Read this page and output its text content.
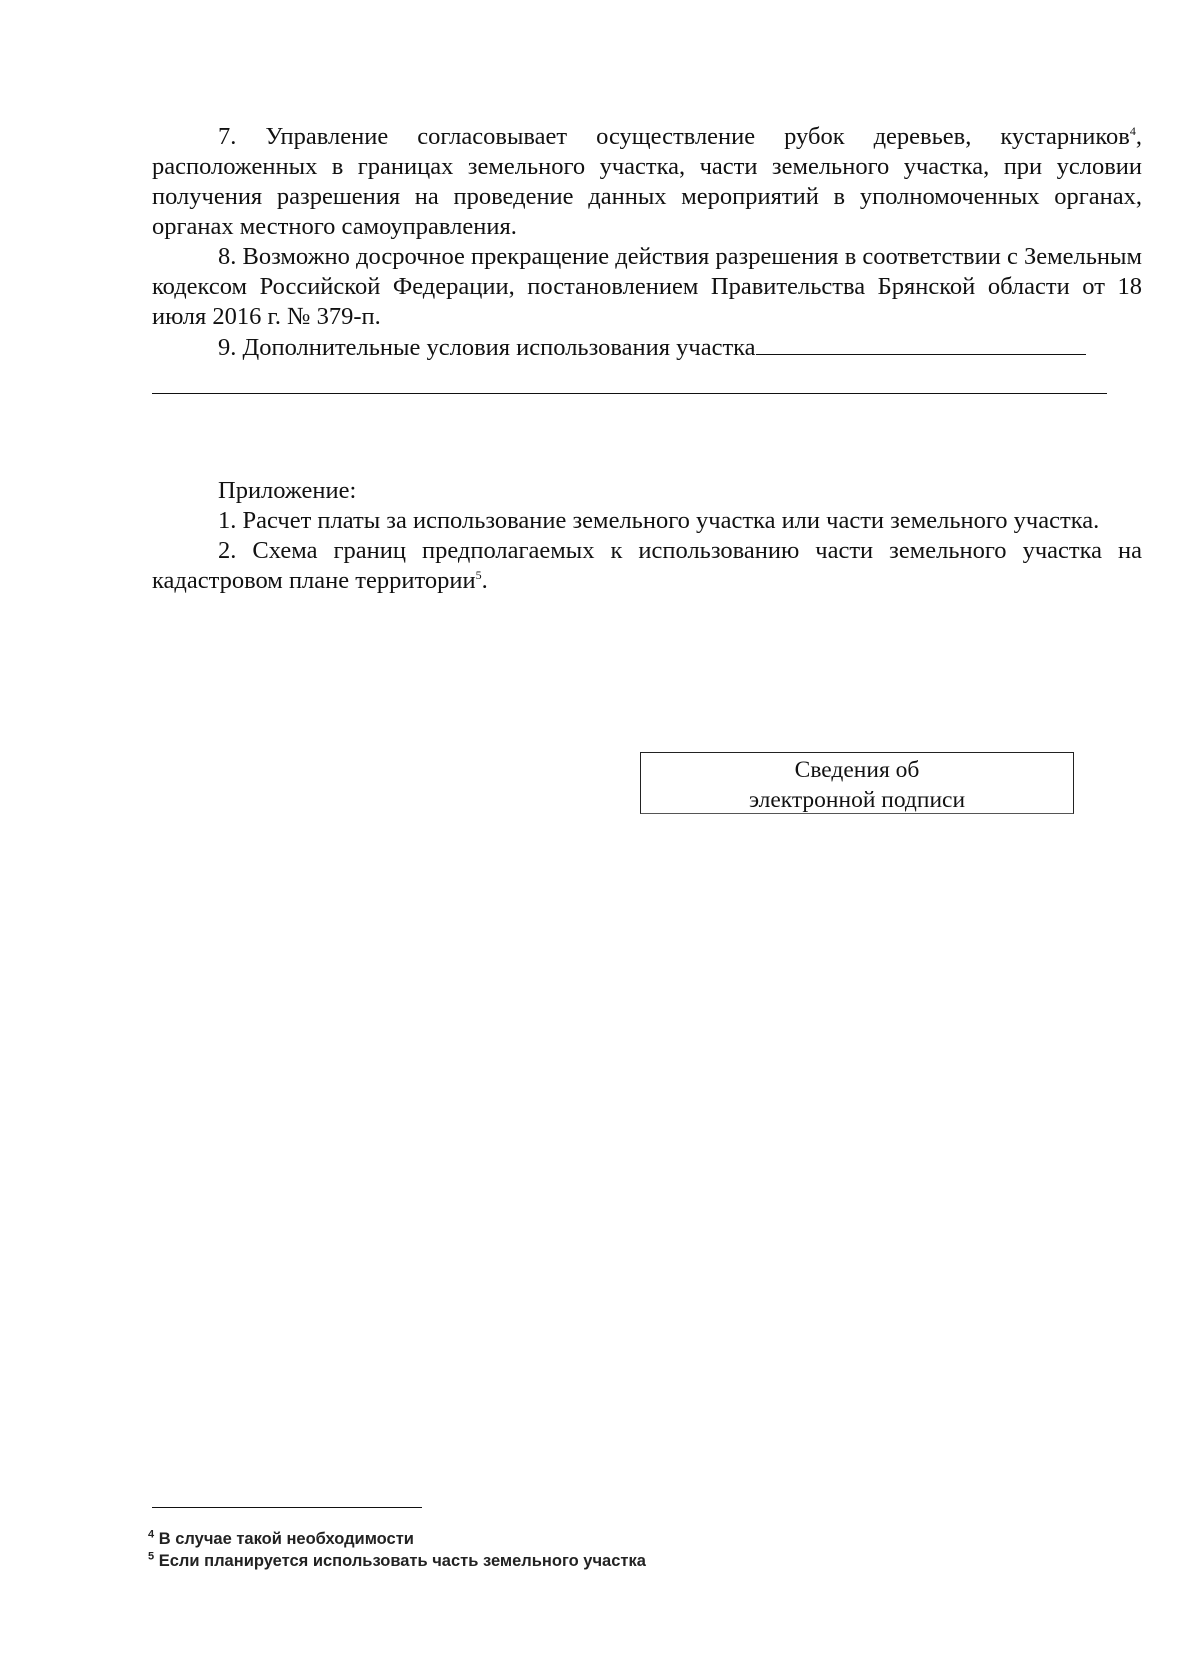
7. Управление согласовывает осуществление рубок деревьев, кустарников$^4$, расположенных в границах земельного участка, части земельного участка, при условии получения разрешения на проведение данных мероприятий в уполномоченных органах, органах местного самоуправления.

8. Возможно досрочное прекращение действия разрешения в соответствии с Земельным кодексом Российской Федерации, постановлением Правительства Брянской области от 18 июля 2016 г. № 379-п.

9. Дополнительные условия использования участка

Приложение:

1. Расчет платы за использование земельного участка или части земельного участка.

2. Схема границ предполагаемых к использованию части земельного участка на кадастровом плане территории$^5$.

Сведения об
электронной подписи

$^4$ В случае такой необходимости

$^5$ Если планируется использовать часть земельного участка
